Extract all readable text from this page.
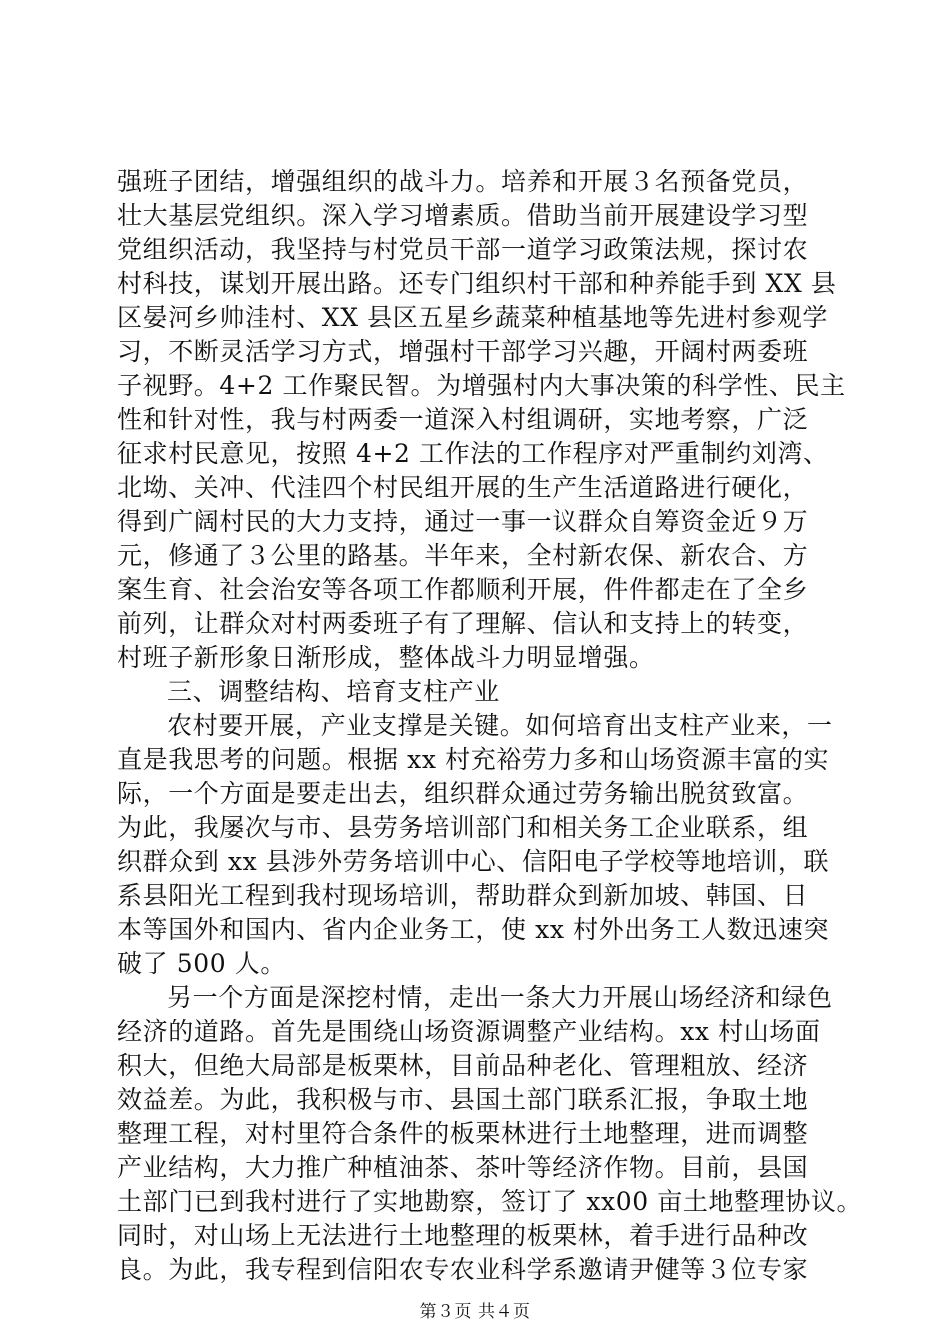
强班子团结，增强组织的战斗力。培养和开展３名预备党员，
壮大基层党组织。深入学习增素质。借助当前开展建设学习型
党组织活动，我坚持与村党员干部一道学习政策法规，探讨农
村科技，谋划开展出路。还专门组织村干部和种养能手到 XX 县
区晏河乡帅洼村、XX 县区五星乡蔬菜种植基地等先进村参观学
习，不断灵活学习方式，增强村干部学习兴趣，开阔村两委班
子视野。4+2 工作聚民智。为增强村内大事决策的科学性、民主
性和针对性，我与村两委一道深入村组调研，实地考察，广泛
征求村民意见，按照 4+2 工作法的工作程序对严重制约刘湾、
北坳、关冲、代洼四个村民组开展的生产生活道路进行硬化，
得到广阔村民的大力支持，通过一事一议群众自筹资金近９万
元，修通了３公里的路基。半年来，全村新农保、新农合、方
案生育、社会治安等各项工作都顺利开展，件件都走在了全乡
前列，让群众对村两委班子有了理解、信认和支持上的转变，
村班子新形象日渐形成，整体战斗力明显增强。
三、调整结构、培育支柱产业
农村要开展，产业支撑是关键。如何培育出支柱产业来，一
直是我思考的问题。根据 xx 村充裕劳力多和山场资源丰富的实
际，一个方面是要走出去，组织群众通过劳务输出脱贫致富。
为此，我屡次与市、县劳务培训部门和相关务工企业联系，组
织群众到 xx 县涉外劳务培训中心、信阳电子学校等地培训，联
系县阳光工程到我村现场培训，帮助群众到新加坡、韩国、日
本等国外和国内、省内企业务工，使 xx 村外出务工人数迅速突
破了 500 人。
另一个方面是深挖村情，走出一条大力开展山场经济和绿色
经济的道路。首先是围绕山场资源调整产业结构。xx 村山场面
积大，但绝大局部是板栗林，目前品种老化、管理粗放、经济
效益差。为此，我积极与市、县国土部门联系汇报，争取土地
整理工程，对村里符合条件的板栗林进行土地整理，进而调整
产业结构，大力推广种植油茶、茶叶等经济作物。目前，县国
土部门已到我村进行了实地勘察，签订了 xx00 亩土地整理协议。
同时，对山场上无法进行土地整理的板栗林，着手进行品种改
良。为此，我专程到信阳农专农业科学系邀请尹健等３位专家
第３页 共４页
